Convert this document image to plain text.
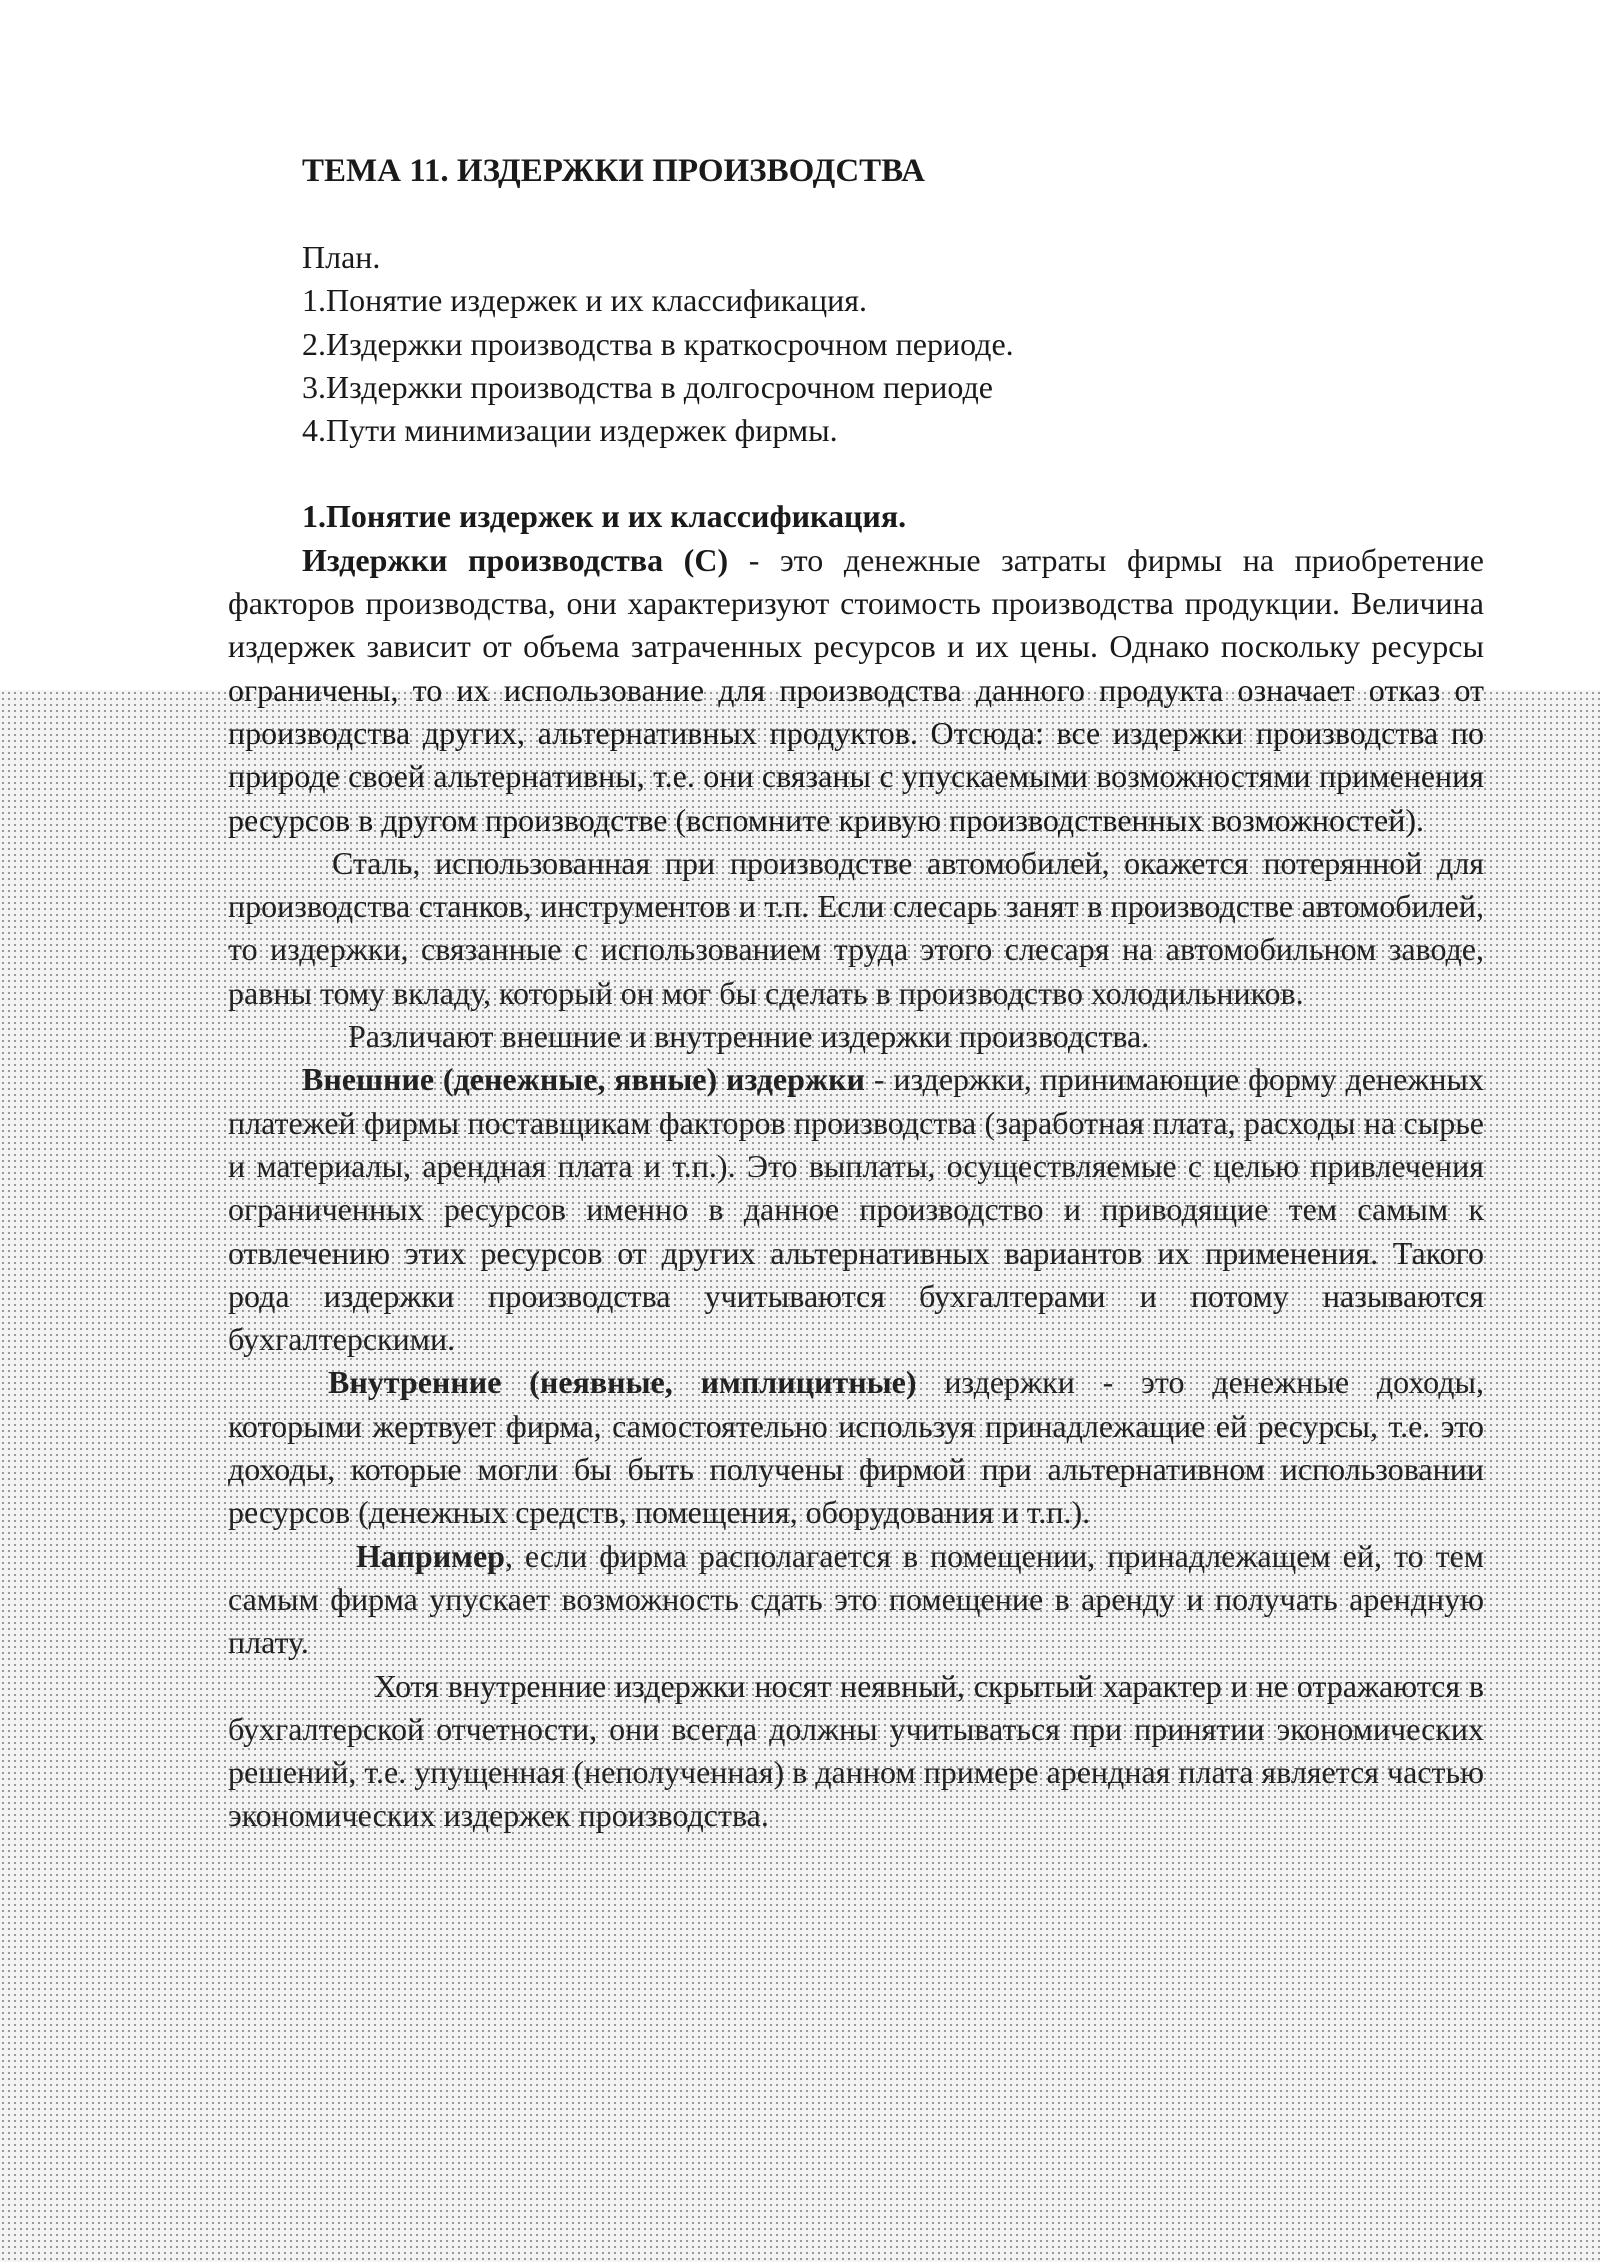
ТЕМА 11. ИЗДЕРЖКИ ПРОИЗВОДСТВА
План.
1.Понятие издержек и их классификация.
2.Издержки производства в краткосрочном периоде.
3.Издержки производства в долгосрочном периоде
4.Пути минимизации издержек фирмы.
1.Понятие издержек и их классификация.

Издержки производства (С) - это денежные затраты фирмы на приобретение факторов производства, они характеризуют стоимость производства продукции. Величина издержек зависит от объема затраченных ресурсов и их цены. Однако поскольку ресурсы ограничены, то их использование для производства данного продукта означает отказ от производства других, альтернативных продуктов. Отсюда: все издержки производства по природе своей альтернативны, т.е. они связаны с упускаемыми возможностями применения ресурсов в другом производстве (вспомните кривую производственных возможностей).

Сталь, использованная при производстве автомобилей, окажется потерянной для производства станков, инструментов и т.п. Если слесарь занят в производстве автомобилей, то издержки, связанные с использованием труда этого слесаря на автомобильном заводе, равны тому вкладу, который он мог бы сделать в производство холодильников.

Различают внешние и внутренние издержки производства.

Внешние (денежные, явные) издержки - издержки, принимающие форму денежных платежей фирмы поставщикам факторов производства (заработная плата, расходы на сырье и материалы, арендная плата и т.п.). Это выплаты, осуществляемые с целью привлечения ограниченных ресурсов именно в данное производство и приводящие тем самым к отвлечению этих ресурсов от других альтернативных вариантов их применения. Такого рода издержки производства учитываются бухгалтерами и потому называются бухгалтерскими.

Внутренние (неявные, имплицитные) издержки - это денежные доходы, которыми жертвует фирма, самостоятельно используя принадлежащие ей ресурсы, т.е. это доходы, которые могли бы быть получены фирмой при альтернативном использовании ресурсов (денежных средств, помещения, оборудования и т.п.).

Например, если фирма располагается в помещении, принадлежащем ей, то тем самым фирма упускает возможность сдать это помещение в аренду и получать арендную плату.

Хотя внутренние издержки носят неявный, скрытый характер и не отражаются в бухгалтерской отчетности, они всегда должны учитываться при принятии экономических решений, т.е. упущенная (неполученная) в данном примере арендная плата является частью экономических издержек производства.
